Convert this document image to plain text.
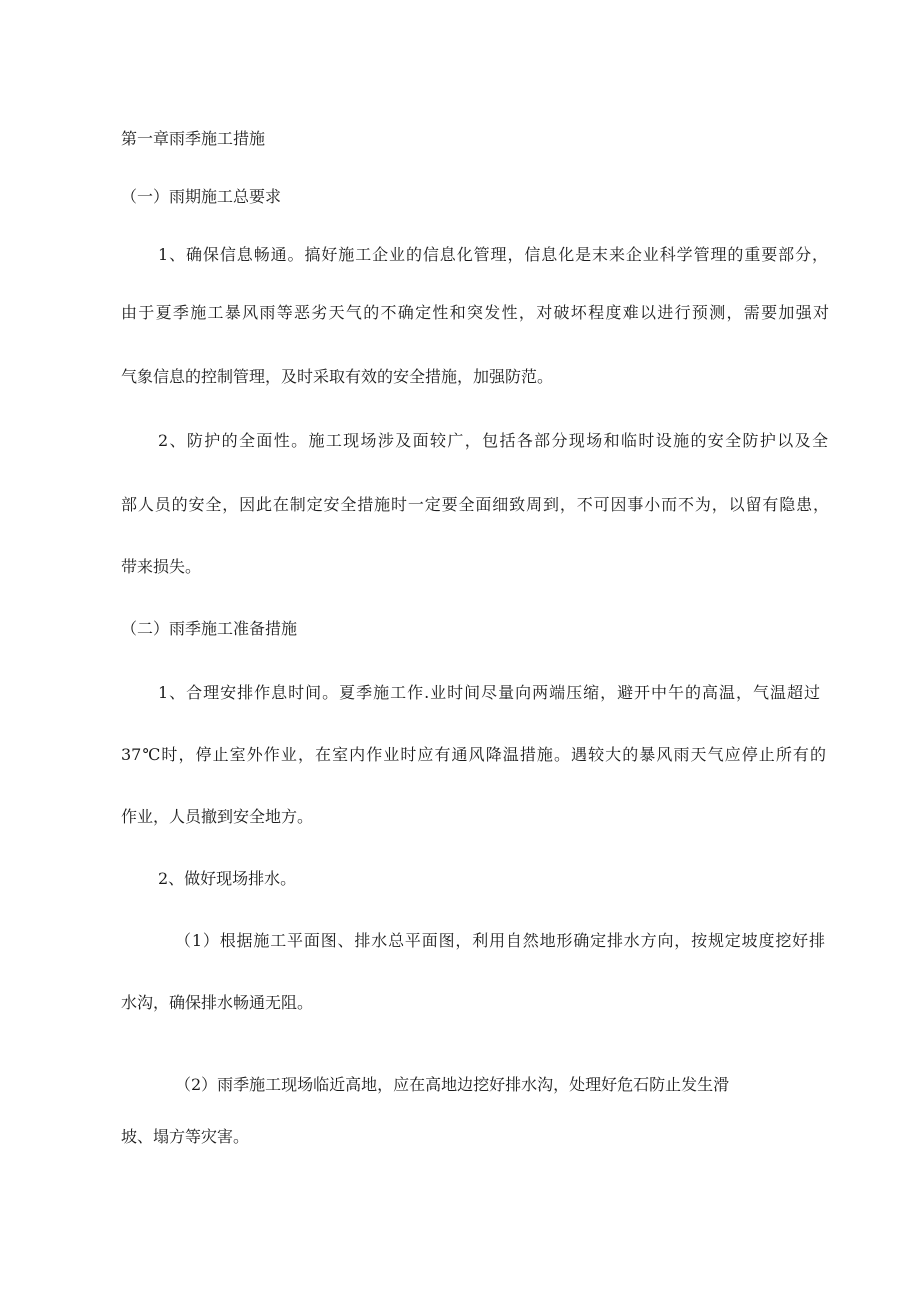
第一章雨季施工措施
（一）雨期施工总要求
1、确保信息畅通。搞好施工企业的信息化管理，信息化是末来企业科学管理的重要部分，
由于夏季施工暴风雨等恶劣天气的不确定性和突发性，对破坏程度难以进行预测，需要加强对
气象信息的控制管理，及时采取有效的安全措施，加强防范。
2、防护的全面性。施工现场涉及面较广，包括各部分现场和临时设施的安全防护以及全
部人员的安全，因此在制定安全措施时一定要全面细致周到，不可因事小而不为，以留有隐患，
带来损失。
（二）雨季施工准备措施
1、合理安排作息时间。夏季施工作.业时间尽量向两端压缩，避开中午的高温，气温超过
37℃时，停止室外作业，在室内作业时应有通风降温措施。遇较大的暴风雨天气应停止所有的
作业，人员撤到安全地方。
2、做好现场排水。
（1）根据施工平面图、排水总平面图，利用自然地形确定排水方向，按规定坡度挖好排
水沟，确保排水畅通无阻。
（2）雨季施工现场临近高地，应在高地边挖好排水沟，处理好危石防止发生滑
坡、塌方等灾害。
